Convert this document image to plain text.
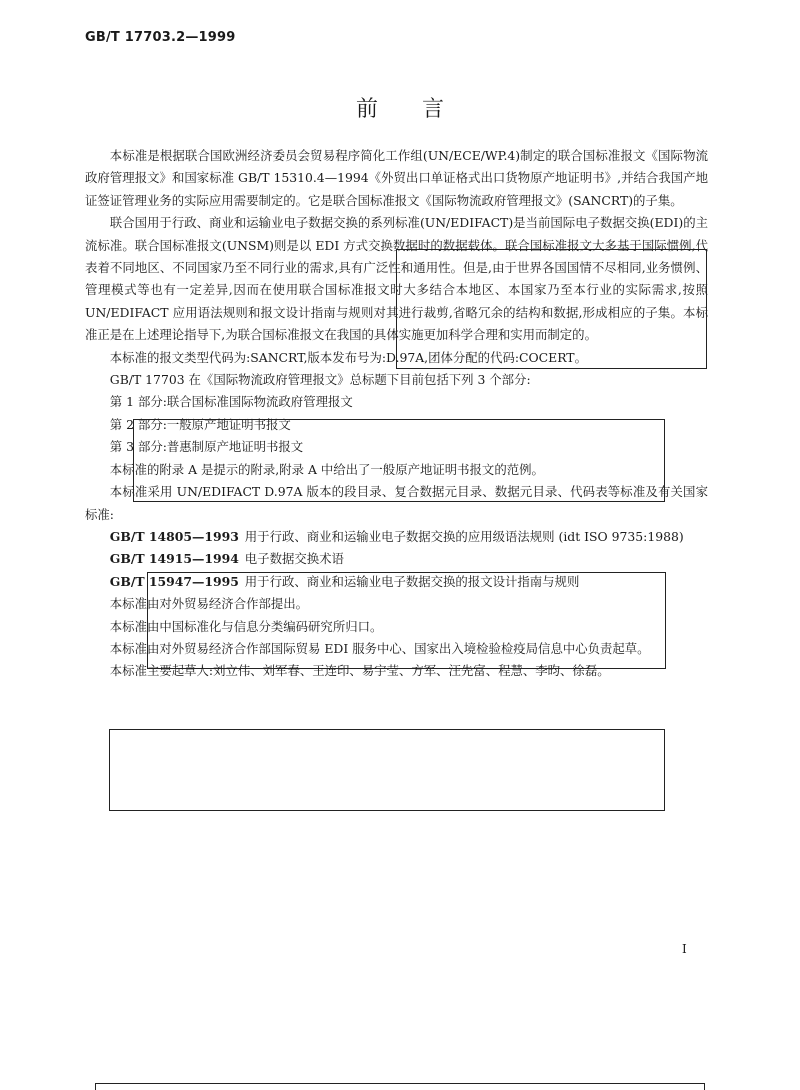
GB/T 17703.2—1999
前言

本标准是根据联合国欧洲经济委员会贸易程序简化工作组(UN/ECE/WP.4)制定的联合国标准报文《国际物流政府管理报文》和国家标准 GB/T 15310.4—1994《外贸出口单证格式出口货物原产地证明书》,并结合我国产地证签证管理业务的实际应用需要制定的。它是联合国标准报文《国际物流政府管理报文》(SANCRT)的子集。

联合国用于行政、商业和运输业电子数据交换的系列标准(UN/EDIFACT)是当前国际电子数据交换(EDI)的主流标准。联合国标准报文(UNSM)则是以 EDI 方式交换数据时的数据载体。联合国标准报文大多基于国际惯例,代表着不同地区、不同国家乃至不同行业的需求,具有广泛性和通用性。但是,由于世界各国国情不尽相同,业务惯例、管理模式等也有一定差异,因而在使用联合国标准报文时大多结合本地区、本国家乃至本行业的实际需求,按照 UN/EDIFACT 应用语法规则和报文设计指南与规则对其进行裁剪,省略冗余的结构和数据,形成相应的子集。本标准正是在上述理论指导下,为联合国标准报文在我国的具体实施更加科学合理和实用而制定的。

本标准的报文类型代码为:SANCRT,版本发布号为:D.97A,团体分配的代码:COCERT。

GB/T 17703 在《国际物流政府管理报文》总标题下目前包括下列 3 个部分:

第 1 部分:联合国标准国际物流政府管理报文

第 2 部分:一般原产地证明书报文

第 3 部分:普惠制原产地证明书报文

本标准的附录 A 是提示的附录,附录 A 中给出了一般原产地证明书报文的范例。

本标准采用 UN/EDIFACT D.97A 版本的段目录、复合数据元目录、数据元目录、代码表等标准及有关国家标准:

GB/T 14805—1993 用于行政、商业和运输业电子数据交换的应用级语法规则 (idt ISO 9735:1988)
GB/T 14915—1994 电子数据交换术语
GB/T 15947—1995 用于行政、商业和运输业电子数据交换的报文设计指南与规则

本标准由对外贸易经济合作部提出。

本标准由中国标准化与信息分类编码研究所归口。

本标准由对外贸易经济合作部国际贸易 EDI 服务中心、国家出入境检验检疫局信息中心负责起草。

本标准主要起草人:刘立伟、刘军春、王连印、易宇莹、方军、汪先富、程慧、李昀、徐磊。

I
